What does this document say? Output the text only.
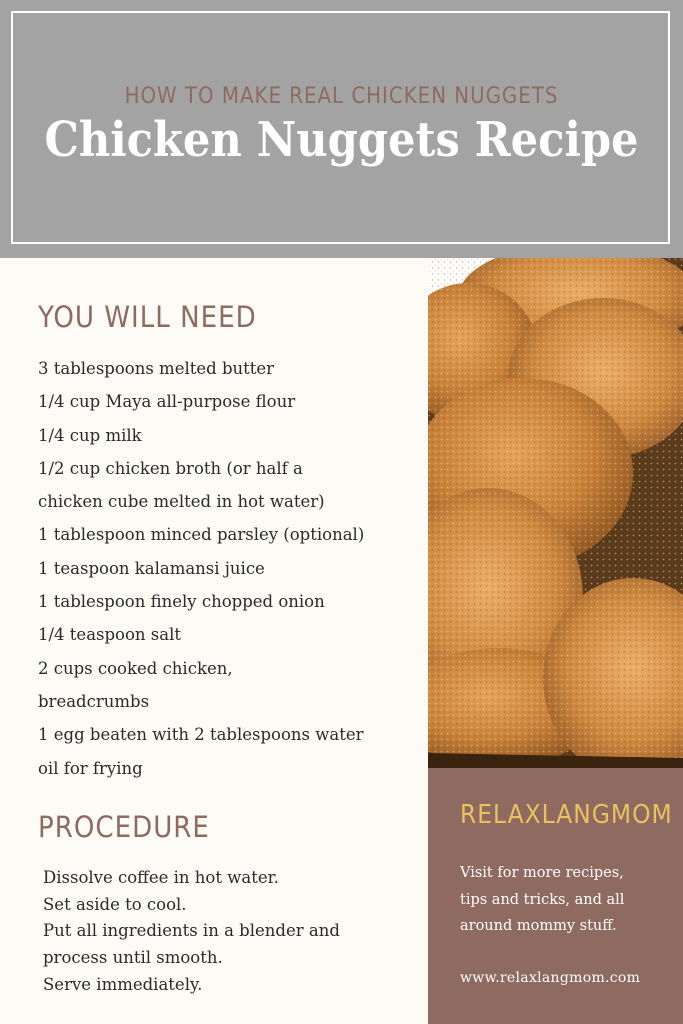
HOW TO MAKE REAL CHICKEN NUGGETS
Chicken Nuggets Recipe
YOU WILL NEED
3 tablespoons melted butter
1/4 cup Maya all-purpose flour
1/4 cup milk
1/2 cup chicken broth (or half a
chicken cube melted in hot water)
1 tablespoon minced parsley (optional)
1 teaspoon kalamansi juice
1 tablespoon finely chopped onion
1/4 teaspoon salt
2 cups cooked chicken,
breadcrumbs
1 egg beaten with 2 tablespoons water
oil for frying
PROCEDURE
Dissolve coffee in hot water.
Set aside to cool.
Put all ingredients in a blender and
process until smooth.
Serve immediately.
RELAXLANGMOM
Visit for more recipes,
tips and tricks, and all
around mommy stuff.
www.relaxlangmom.com
